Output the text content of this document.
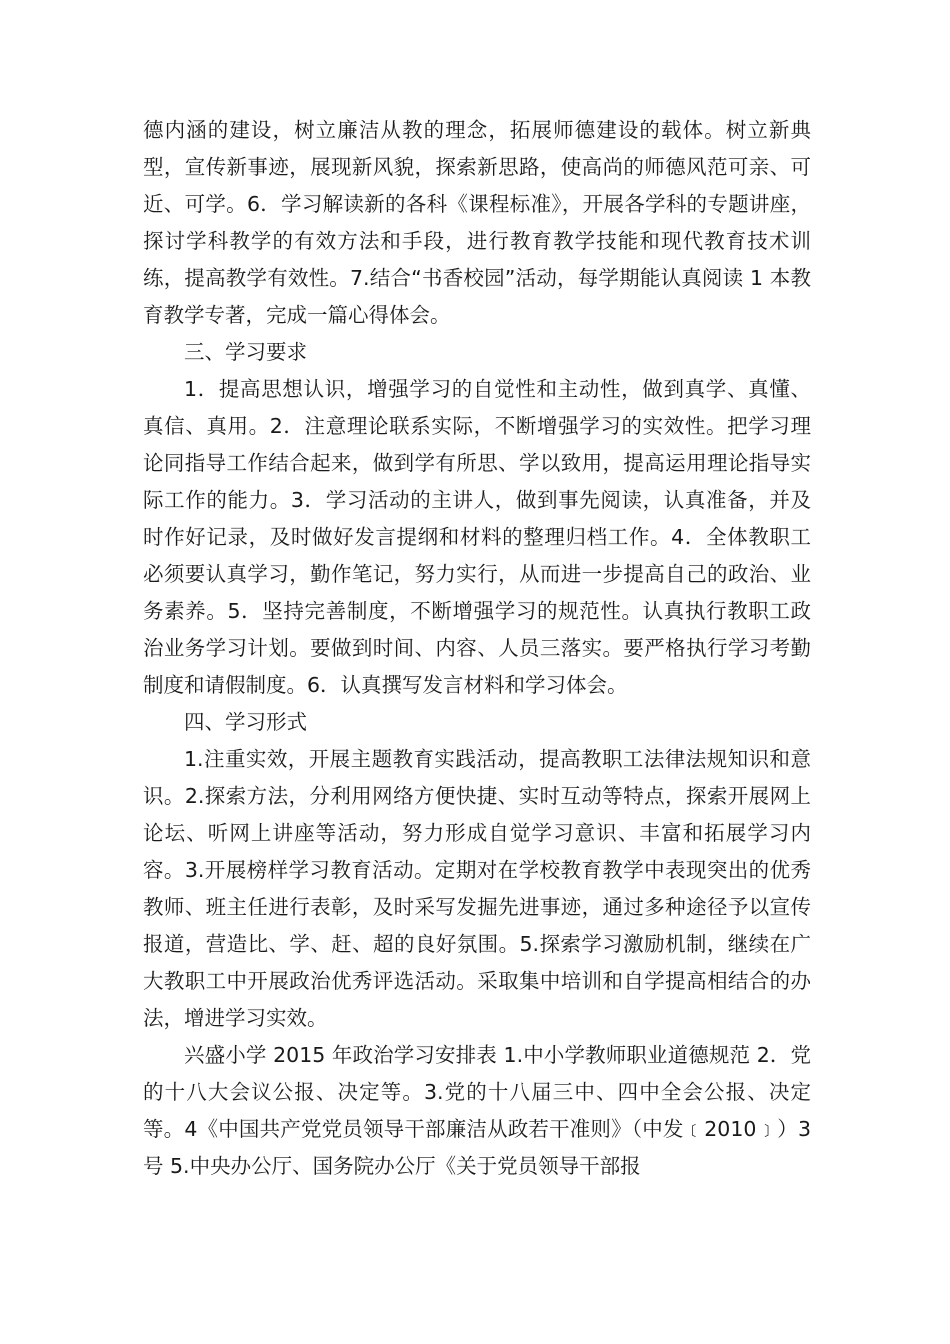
德内涵的建设，树立廉洁从教的理念，拓展师德建设的载体。树立新典型，宣传新事迹，展现新风貌，探索新思路，使高尚的师德风范可亲、可近、可学。6．学习解读新的各科《课程标准》，开展各学科的专题讲座，探讨学科教学的有效方法和手段，进行教育教学技能和现代教育技术训练，提高教学有效性。7.结合“书香校园”活动，每学期能认真阅读 1 本教育教学专著，完成一篇心得体会。

三、学习要求

1．提高思想认识，增强学习的自觉性和主动性，做到真学、真懂、真信、真用。2．注意理论联系实际，不断增强学习的实效性。把学习理论同指导工作结合起来，做到学有所思、学以致用，提高运用理论指导实际工作的能力。3．学习活动的主讲人，做到事先阅读，认真准备，并及时作好记录，及时做好发言提纲和材料的整理归档工作。4．全体教职工必须要认真学习，勤作笔记，努力实行，从而进一步提高自己的政治、业务素养。5．坚持完善制度，不断增强学习的规范性。认真执行教职工政治业务学习计划。要做到时间、内容、人员三落实。要严格执行学习考勤制度和请假制度。6．认真撰写发言材料和学习体会。

四、学习形式

1.注重实效，开展主题教育实践活动，提高教职工法律法规知识和意识。2.探索方法，分利用网络方便快捷、实时互动等特点，探索开展网上论坛、听网上讲座等活动，努力形成自觉学习意识、丰富和拓展学习内容。3.开展榜样学习教育活动。定期对在学校教育教学中表现突出的优秀教师、班主任进行表彰，及时采写发掘先进事迹，通过多种途径予以宣传报道，营造比、学、赶、超的良好氛围。5.探索学习激励机制，继续在广大教职工中开展政治优秀评选活动。采取集中培训和自学提高相结合的办法，增进学习实效。

兴盛小学 2015 年政治学习安排表 1.中小学教师职业道德规范 2．党的十八大会议公报、决定等。3.党的十八届三中、四中全会公报、决定等。4《中国共产党党员领导干部廉洁从政若干准则》（中发﹝2010﹞）3 号 5.中央办公厅、国务院办公厅《关于党员领导干部报
